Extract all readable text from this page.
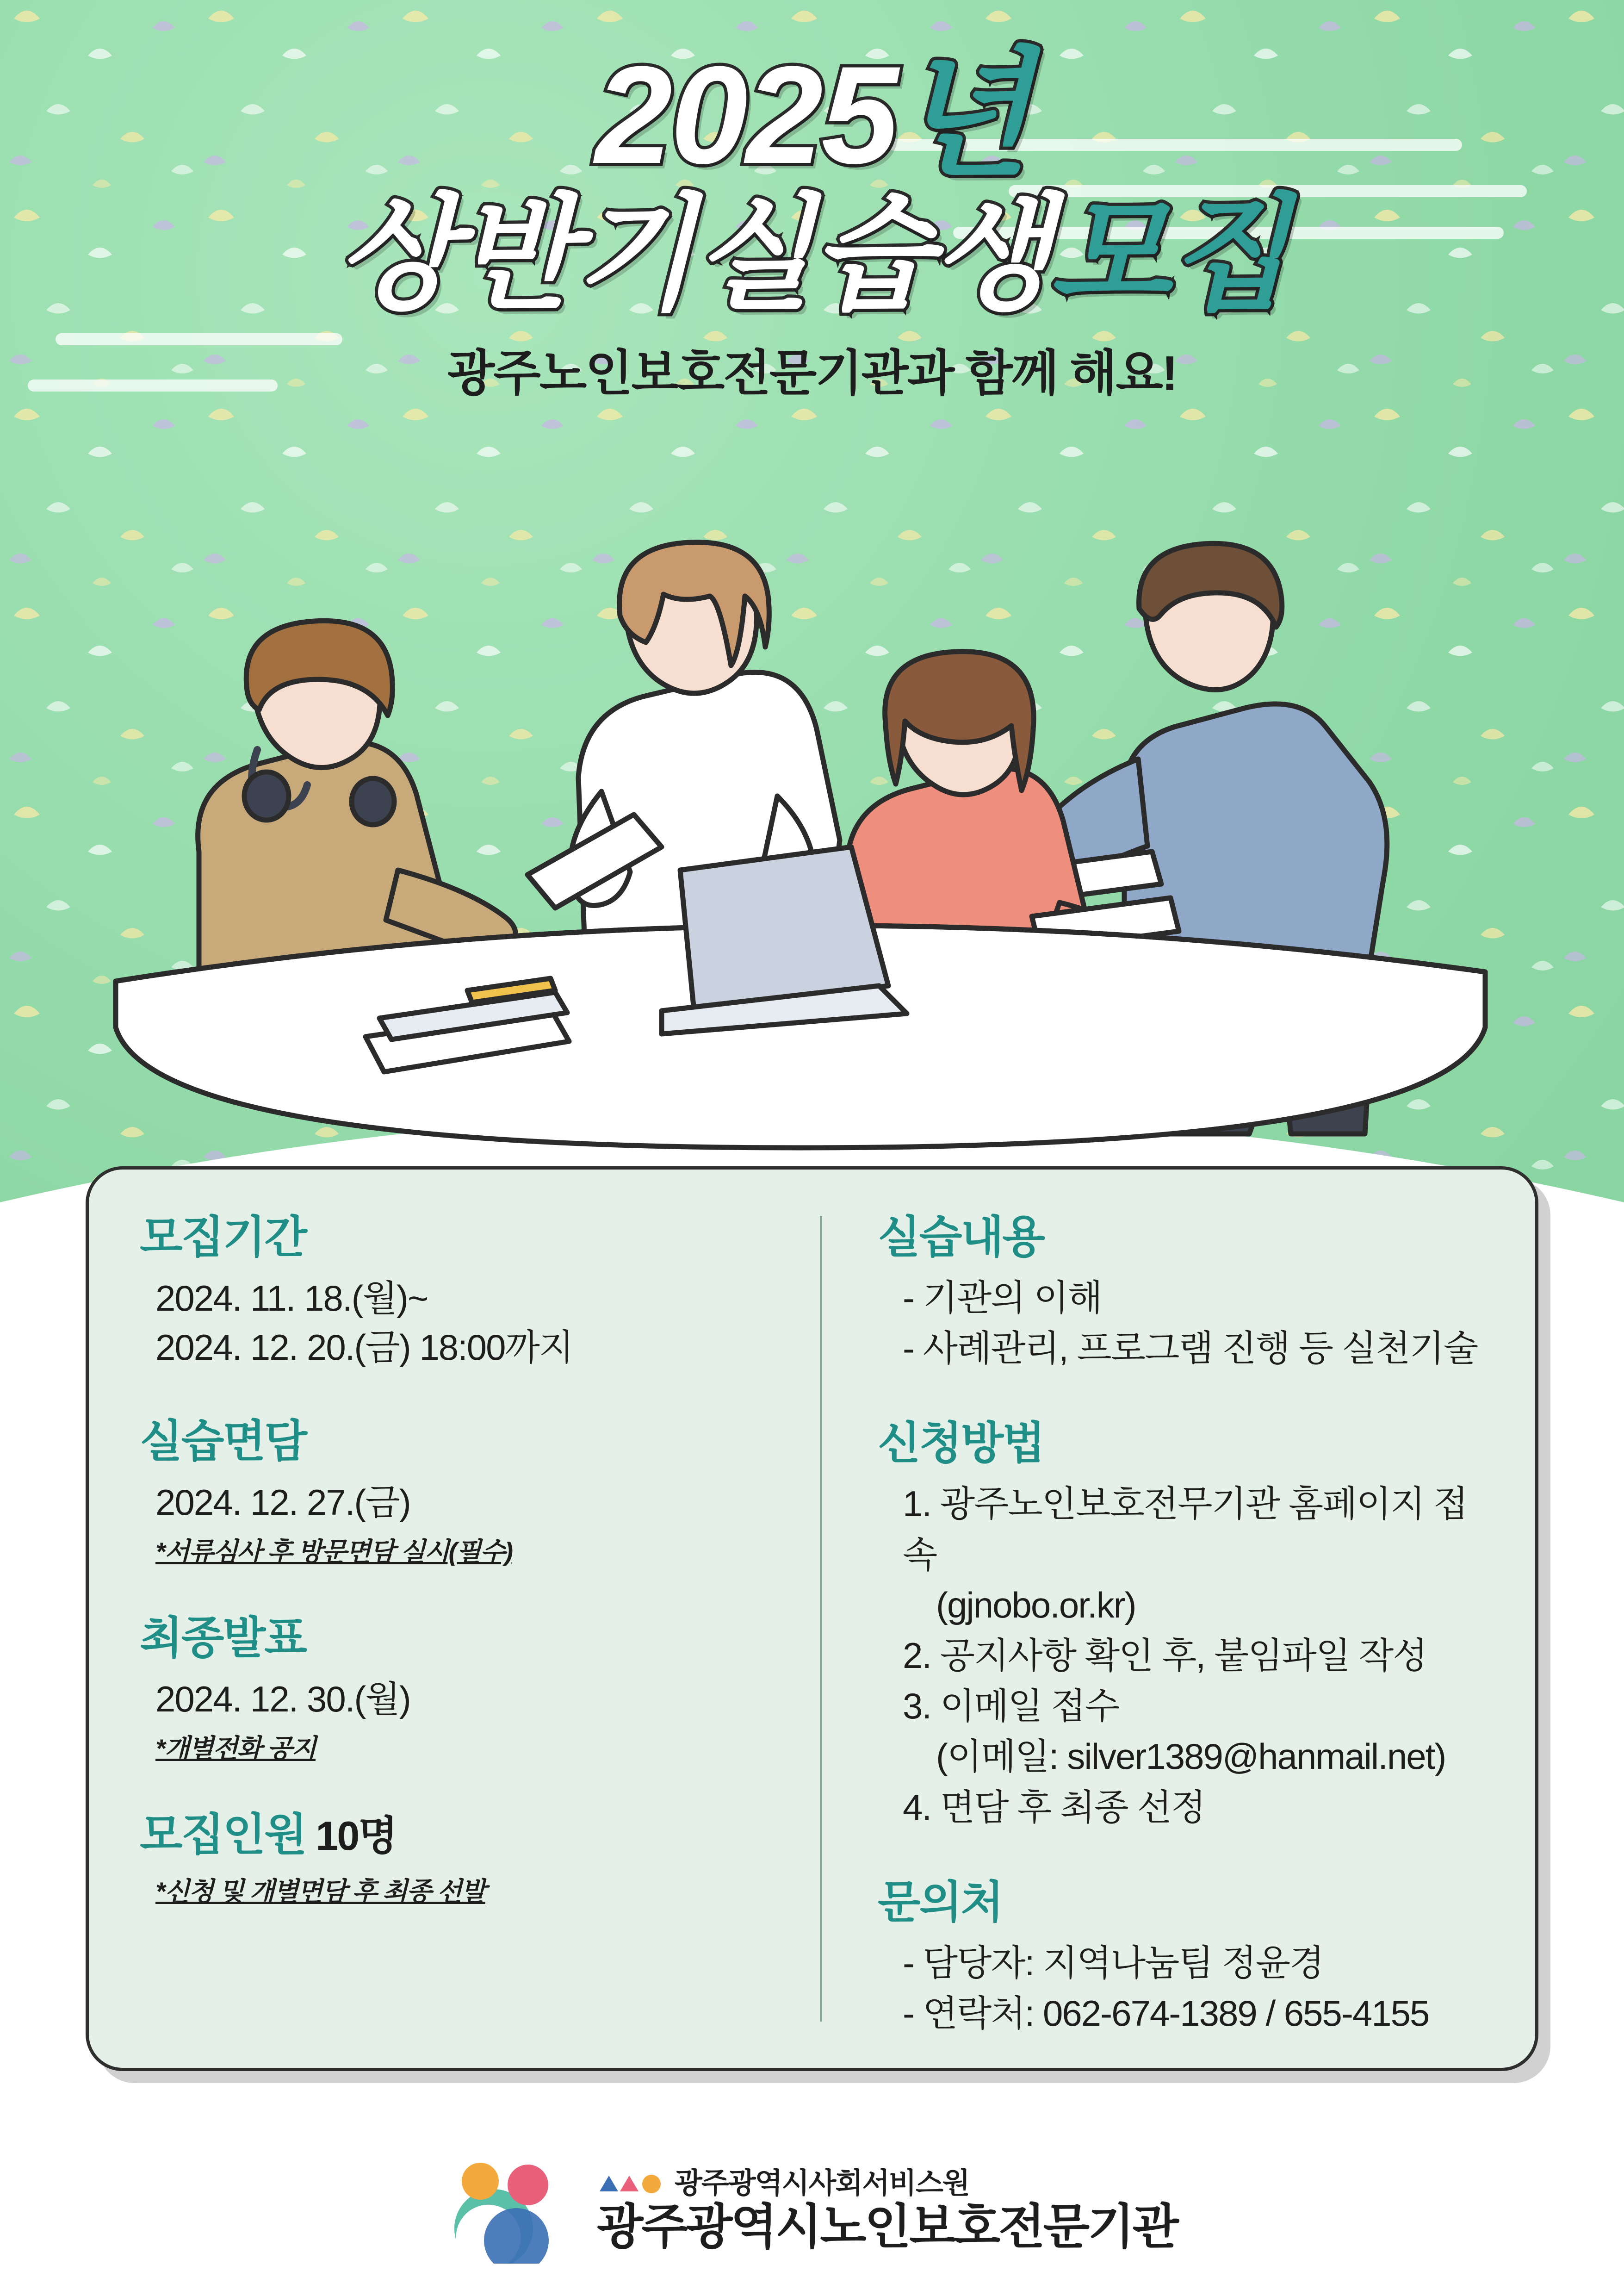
2025년
상반기실습생모집
광주노인보호전문기관과 함께 해요!
모집기간
2024. 11. 18.(월)~
2024. 12. 20.(금) 18:00까지
실습면담
2024. 12. 27.(금)
*서류심사 후 방문면담 실시(필수)
최종발표
2024. 12. 30.(월)
*개별전화 공지
모집인원 10명
*신청 및 개별면담 후 최종 선발
실습내용
- 기관의 이해
- 사례관리, 프로그램 진행 등 실천기술
신청방법
1. 광주노인보호전무기관 홈페이지 접속
(gjnobo.or.kr)
2. 공지사항 확인 후, 붙임파일 작성
3. 이메일 접수
(이메일: silver1389@hanmail.net)
4. 면담 후 최종 선정
문의처
- 담당자: 지역나눔팀 정윤경
- 연락처: 062-674-1389 / 655-4155
광주광역시사회서비스원
광주광역시노인보호전문기관
